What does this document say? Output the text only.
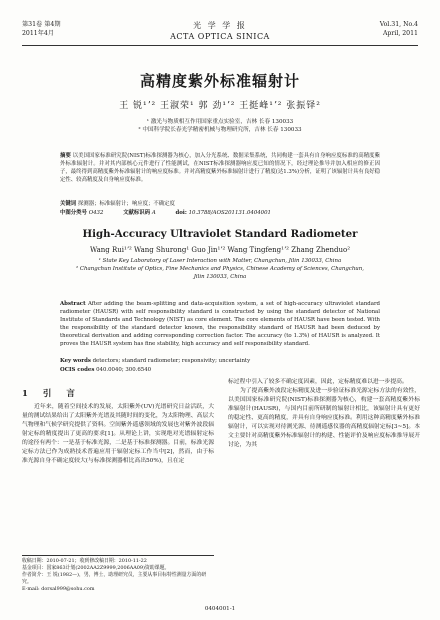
第31卷 第4期
2011年4月
光 学 学 报
ACTA OPTICA SINICA
Vol.31, No.4
April, 2011
高精度紫外标准辐射计
王 锐¹ʼ² 王淑荣¹ 郭 劲¹ʼ² 王挺峰¹ʼ² 张振铎²
¹ 激光与物质相互作用国家重点实验室，吉林 长春 130033
² 中国科学院长春光学精密机械与物理研究所，吉林 长春 130033
摘要 以美国国家标准研究院(NIST)标准探测器为核心，加入分光系统、数据采集系统，共同构建一套具有自身响应度标准的高精度紫外标准辐射计。并对其内部核心元件进行了性能测试，在NIST标准探测器响应度已知的情况下，经过理论推导并加入相应的修正因子，最终得到高精度紫外标准辐射计的响应度标准。并对高精度紫外标准辐射计进行了精度(达1.3%)分析，证明了该辐射计具有良好稳定性、较高精度及自身响应度标准。
关键词 探测器；标准辐射计；响应度；不确定度
中图分类号 O432	文献标识码 A	doi: 10.3788/AOS201131.0404001
High-Accuracy Ultraviolet Standard Radiometer
Wang Rui¹ʼ² Wang Shurong¹ Guo Jin¹ʼ² Wang Tingfeng¹ʼ² Zhang Zhenduo²
¹ State Key Laboratory of Laser Interaction with Matter, Changchun, Jilin 130033, China
² Changchun Institute of Optics, Fine Mechanics and Physics, Chinese Academy of Sciences, Changchun, Jilin 130033, China
Abstract After adding the beam-splitting and data-acquisition system, a set of high-accuracy ultraviolet standard radiometer (HAUSR) with self responsibility standard is constructed by using the standard detector of National Institute of Standards and Technology (NIST) as core element. The core elements of HAUSR have been tested. With the responsibility of the standard detector known, the responsibility standard of HAUSR had been deduced by theoretical derivation and adding corresponding correction factor. The accuracy (to 1.3%) of HAUSR is analyzed. It proves the HAUSR system has fine stability, high accuracy and self responsibility standard.
Key words detectors; standard radiometer; responsivity; uncertainty
OCIS codes 040.0040; 300.6540
1 引 言

近年来，随着空间技术的发展，太阳紫外(UV)光谱研究日益活跃，大量的测试结果给出了太阳紫外光谱及其随时间的变化，为太阳物理、高层大气物理和气候学研究提供了资料。空间紫外遥感领域的发展也对紫外波段辐射定标的精度提出了更高的要求[1]。从理论上讲，实现绝对光谱辐射定标的途径有两个：一是基于标准光源，二是基于标准探测器。目前，标准光源定标方法已作为成熟技术普遍应用于辐射定标工作当中[2]，然而，由于标准光源自身不确定度较大(与标准探测器相比高出50%)，且在定

标过程中引入了较多不确定度因素，因此，定标精度难以进一步提高。

为了提高紫外波段定标精度及进一步验证标准光源定标方法的有效性，以美国国家标准研究院(NIST)标准探测器为核心，构建一套高精度紫外标准辐射计(HAUSR)，与国内目前所研制的辐射计相比，该辐射计具有更好的稳定性、更高的精度，并具有自身响应度标准。利用这种高精度紫外标准辐射计，可以实现对待测光源、待测遥感仪器的高精度辐射定标[3~5]。本文主要针对高精度紫外标准辐射计的构建、性能评价及响应度标准推导展开讨论，为其

收稿日期：2010-07-21；收到修改稿日期：2010-11-22
基金项目：国家863计划(2002AA2Z9999,2006AA09)资助课题。
作者简介：王 锐(1982—)，男，博士，助理研究员，主要从事目标特性测量方面的研究。
E-mail: dorsal999@sohu.com
0404001-1
